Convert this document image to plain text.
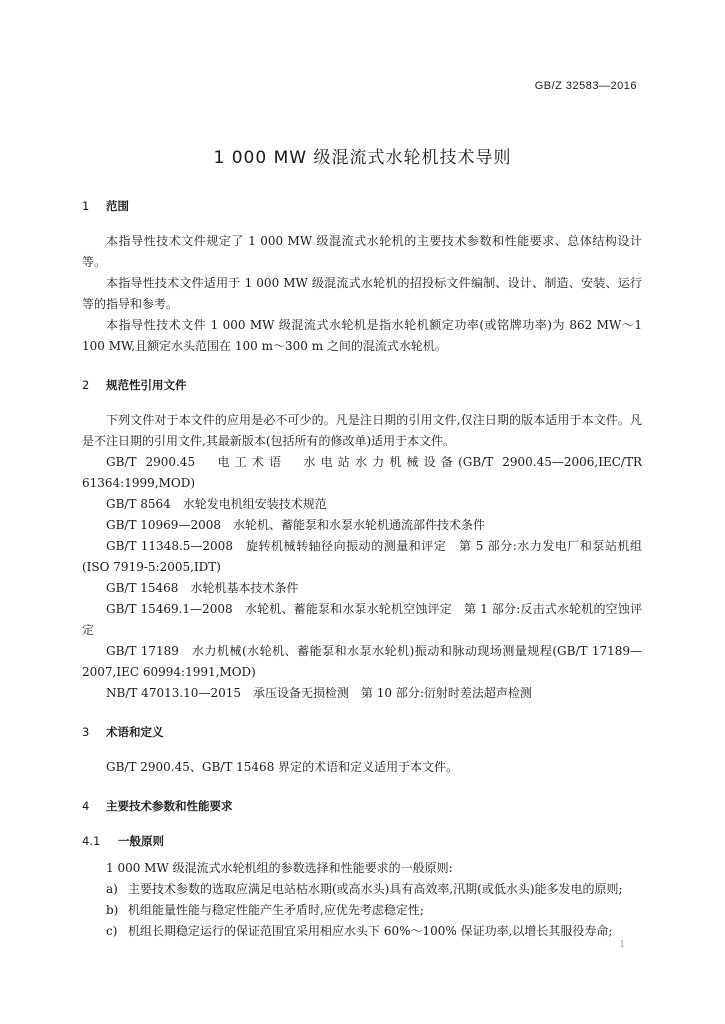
GB/Z 32583—2016
1 000 MW 级混流式水轮机技术导则
1 范围

本指导性技术文件规定了 1 000 MW 级混流式水轮机的主要技术参数和性能要求、总体结构设计等。

本指导性技术文件适用于 1 000 MW 级混流式水轮机的招投标文件编制、设计、制造、安装、运行等的指导和参考。

本指导性技术文件 1 000 MW 级混流式水轮机是指水轮机额定功率(或铭牌功率)为 862 MW～1 100 MW,且额定水头范围在 100 m～300 m 之间的混流式水轮机。

2 规范性引用文件

下列文件对于本文件的应用是必不可少的。凡是注日期的引用文件,仅注日期的版本适用于本文件。凡是不注日期的引用文件,其最新版本(包括所有的修改单)适用于本文件。

GB/T 2900.45　电工术语　水电站水力机械设备(GB/T 2900.45—2006,IEC/TR 61364:1999,MOD)

GB/T 8564　水轮发电机组安装技术规范

GB/T 10969—2008　水轮机、蓄能泵和水泵水轮机通流部件技术条件

GB/T 11348.5—2008　旋转机械转轴径向振动的测量和评定　第 5 部分:水力发电厂和泵站机组(ISO 7919-5:2005,IDT)

GB/T 15468　水轮机基本技术条件

GB/T 15469.1—2008　水轮机、蓄能泵和水泵水轮机空蚀评定　第 1 部分:反击式水轮机的空蚀评定

GB/T 17189　水力机械(水轮机、蓄能泵和水泵水轮机)振动和脉动现场测量规程(GB/T 17189—2007,IEC 60994:1991,MOD)

NB/T 47013.10—2015　承压设备无损检测　第 10 部分:衍射时差法超声检测

3 术语和定义

GB/T 2900.45、GB/T 15468 界定的术语和定义适用于本文件。

4 主要技术参数和性能要求
4.1 一般原则

1 000 MW 级混流式水轮机组的参数选择和性能要求的一般原则:

a) 主要技术参数的选取应满足电站枯水期(或高水头)具有高效率,汛期(或低水头)能多发电的原则;
b) 机组能量性能与稳定性能产生矛盾时,应优先考虑稳定性;
c) 机组长期稳定运行的保证范围宜采用相应水头下 60%～100% 保证功率,以增长其服役寿命;
1
